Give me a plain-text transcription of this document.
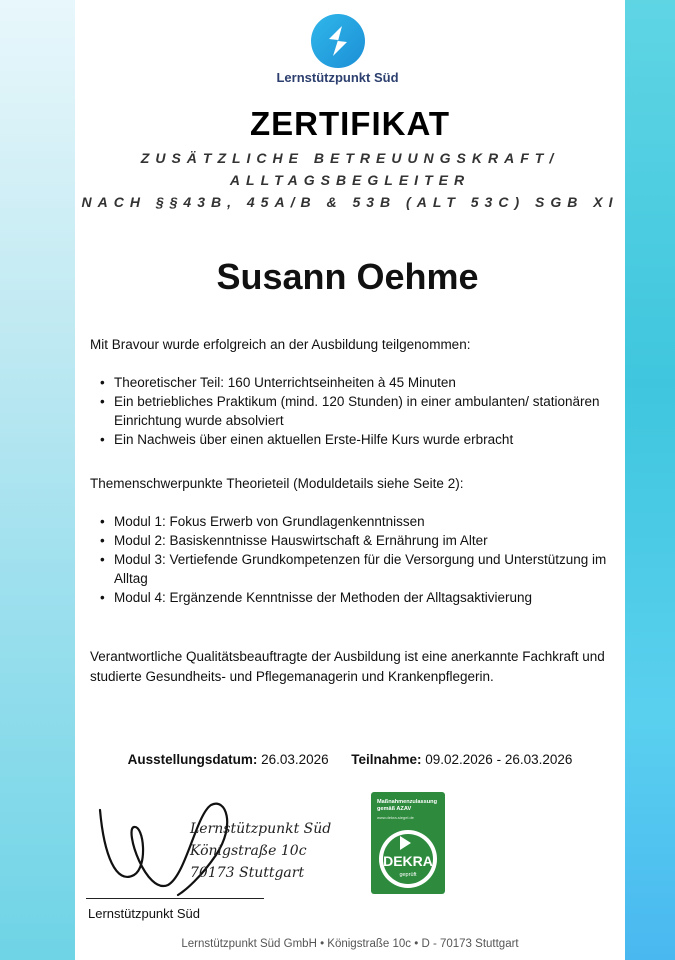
Lernstützpunkt Süd
ZERTIFIKAT
ZUSÄTZLICHE BETREUUNGSKRAFT/
ALLTAGSBEGLEITER
NACH §§43B, 45A/B & 53B (ALT 53C) SGB XI
Susann Oehme
Mit Bravour wurde erfolgreich an der Ausbildung teilgenommen:
• Theoretischer Teil: 160 Unterrichtseinheiten à 45 Minuten
• Ein betriebliches Praktikum (mind. 120 Stunden) in einer ambulanten/ stationären Einrichtung wurde absolviert
• Ein Nachweis über einen aktuellen Erste-Hilfe Kurs wurde erbracht
Themenschwerpunkte Theorieteil (Moduldetails siehe Seite 2):
• Modul 1: Fokus Erwerb von Grundlagenkenntnissen
• Modul 2: Basiskenntnisse Hauswirtschaft & Ernährung im Alter
• Modul 3: Vertiefende Grundkompetenzen für die Versorgung und Unterstützung im Alltag
• Modul 4: Ergänzende Kenntnisse der Methoden der Alltagsaktivierung
Verantwortliche Qualitätsbeauftragte der Ausbildung ist eine anerkannte Fachkraft und studierte Gesundheits- und Pflegemanagerin und Krankenpflegerin.
Ausstellungsdatum: 26.03.2026 Teilnahme: 09.02.2026 - 26.03.2026
Lernstützpunkt Süd
Königstraße 10c
70173 Stuttgart
Lernstützpunkt Süd
Maßnahmenzulassung
gemäß AZAV
www.dekra-siegel.de
DEKRA
geprüft
Lernstützpunkt Süd GmbH • Königstraße 10c • D - 70173 Stuttgart
